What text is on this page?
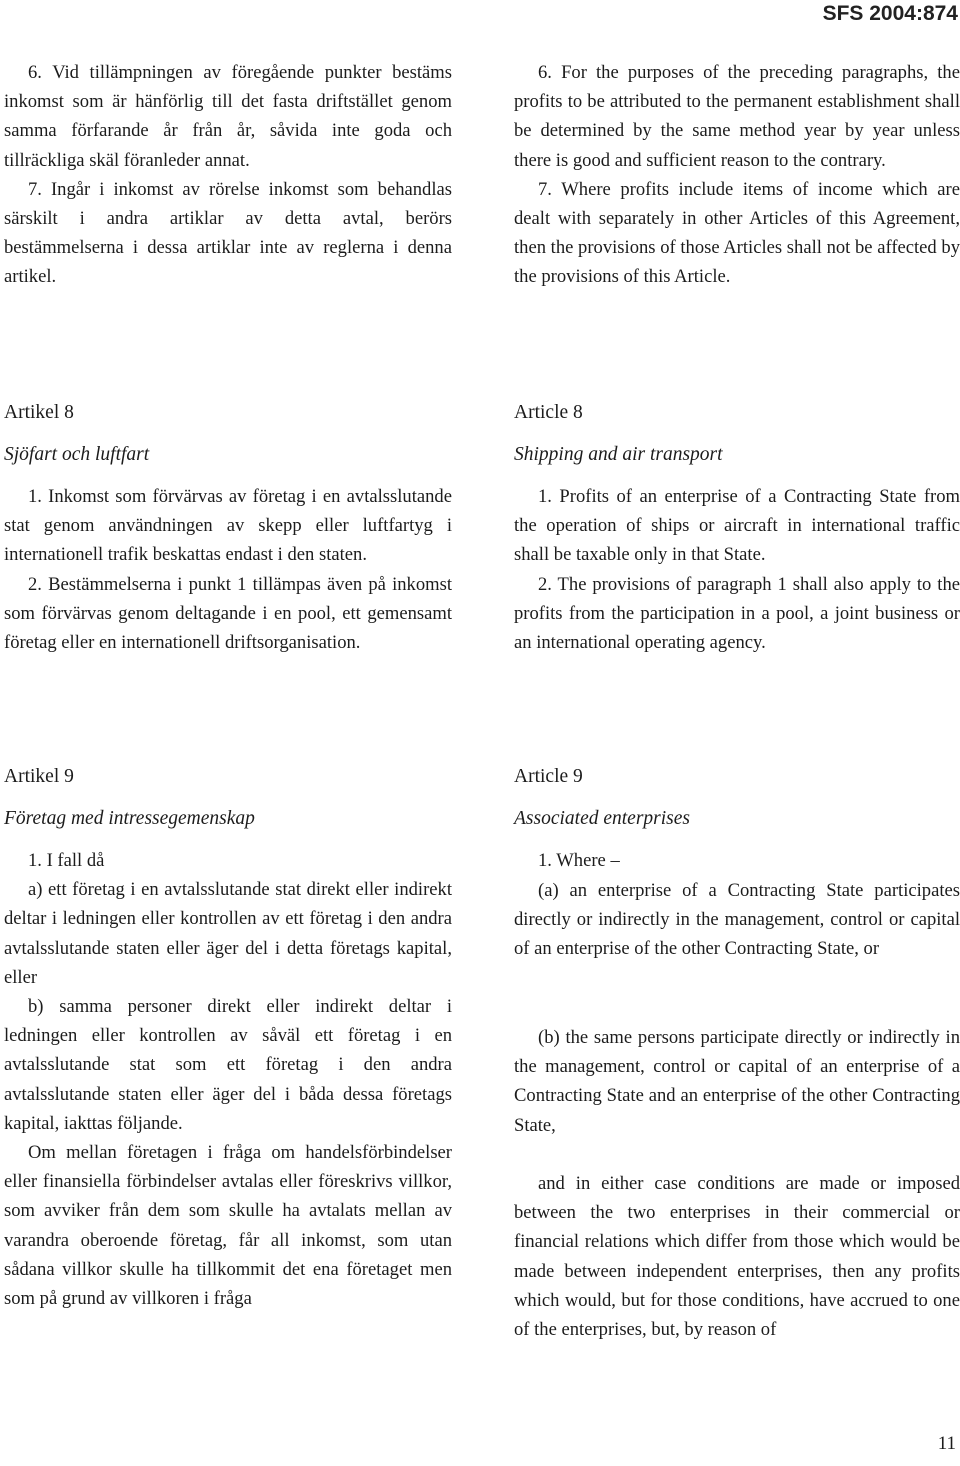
SFS 2004:874

6. Vid tillämpningen av föregående punkter bestäms inkomst som är hänförlig till det fasta driftstället genom samma förfarande år från år, såvida inte goda och tillräckliga skäl föranleder annat.

7. Ingår i inkomst av rörelse inkomst som behandlas särskilt i andra artiklar av detta avtal, berörs bestämmelserna i dessa artiklar inte av reglerna i denna artikel.

6. For the purposes of the preceding paragraphs, the profits to be attributed to the permanent establishment shall be determined by the same method year by year unless there is good and sufficient reason to the contrary.

7. Where profits include items of income which are dealt with separately in other Articles of this Agreement, then the provisions of those Articles shall not be affected by the provisions of this Article.

Artikel 8
Sjöfart och luftfart

1. Inkomst som förvärvas av företag i en avtalsslutande stat genom användningen av skepp eller luftfartyg i internationell trafik beskattas endast i den staten.

2. Bestämmelserna i punkt 1 tillämpas även på inkomst som förvärvas genom deltagande i en pool, ett gemensamt företag eller en internationell driftsorganisation.

Article 8
Shipping and air transport

1. Profits of an enterprise of a Contracting State from the operation of ships or aircraft in international traffic shall be taxable only in that State.

2. The provisions of paragraph 1 shall also apply to the profits from the participation in a pool, a joint business or an international operating agency.

Artikel 9
Företag med intressegemenskap

1. I fall då

a) ett företag i en avtalsslutande stat direkt eller indirekt deltar i ledningen eller kontrollen av ett företag i den andra avtalsslutande staten eller äger del i detta företags kapital, eller

b) samma personer direkt eller indirekt deltar i ledningen eller kontrollen av såväl ett företag i en avtalsslutande stat som ett företag i den andra avtalsslutande staten eller äger del i båda dessa företags kapital, iakttas följande.

Om mellan företagen i fråga om handelsförbindelser eller finansiella förbindelser avtalas eller föreskrivs villkor, som avviker från dem som skulle ha avtalats mellan av varandra oberoende företag, får all inkomst, som utan sådana villkor skulle ha tillkommit det ena företaget men som på grund av villkoren i fråga

Article 9
Associated enterprises

1. Where –

(a) an enterprise of a Contracting State participates directly or indirectly in the management, control or capital of an enterprise of the other Contracting State, or

(b) the same persons participate directly or indirectly in the management, control or capital of an enterprise of a Contracting State and an enterprise of the other Contracting State,

and in either case conditions are made or imposed between the two enterprises in their commercial or financial relations which differ from those which would be made between independent enterprises, then any profits which would, but for those conditions, have accrued to one of the enterprises, but, by reason of

11
